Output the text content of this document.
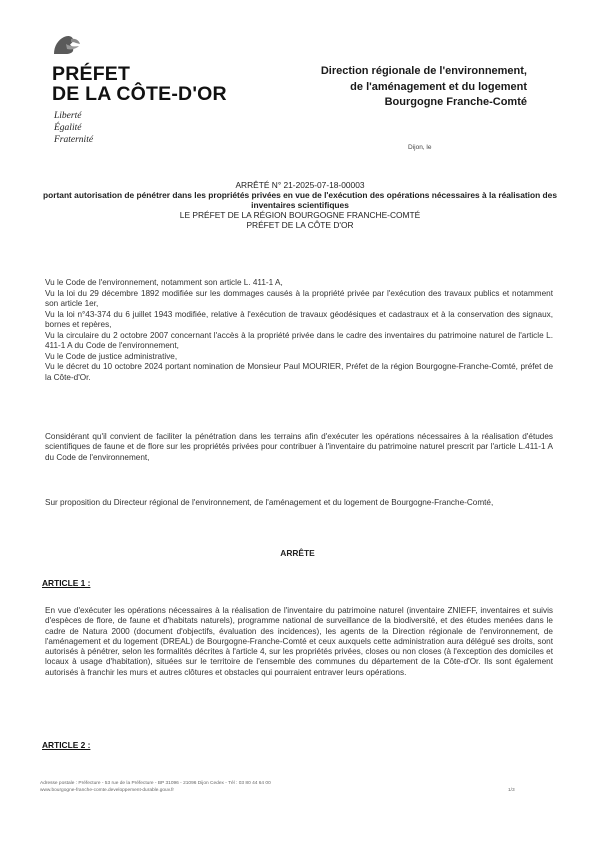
PRÉFET
DE LA CÔTE-D'OR
Liberté
Égalité
Fraternité
Direction régionale de l'environnement,
de l'aménagement et du logement
Bourgogne Franche-Comté
Dijon, le
ARRÊTÉ N° 21-2025-07-18-00003
portant autorisation de pénétrer dans les propriétés privées en vue de l'exécution des opérations nécessaires à la réalisation des inventaires scientifiques
LE PRÉFET DE LA RÉGION BOURGOGNE FRANCHE-COMTÉ
PRÉFET DE LA CÔTE D'OR

Vu le Code de l'environnement, notamment son article L. 411-1 A,

Vu la loi du 29 décembre 1892 modifiée sur les dommages causés à la propriété privée par l'exécution des travaux publics et notamment son article 1er,

Vu la loi n°43-374 du 6 juillet 1943 modifiée, relative à l'exécution de travaux géodésiques et cadastraux et à la conservation des signaux, bornes et repères,

Vu la circulaire du 2 octobre 2007 concernant l'accès à la propriété privée dans le cadre des inventaires du patrimoine naturel de l'article L. 411-1 A du Code de l'environnement,

Vu le Code de justice administrative,

Vu le décret du 10 octobre 2024 portant nomination de Monsieur Paul MOURIER, Préfet de la région Bourgogne-Franche-Comté, préfet de la Côte-d'Or.

Considérant qu'il convient de faciliter la pénétration dans les terrains afin d'exécuter les opérations nécessaires à la réalisation d'études scientifiques de faune et de flore sur les propriétés privées pour contribuer à l'inventaire du patrimoine naturel prescrit par l'article L.411-1 A du Code de l'environnement,

Sur proposition du Directeur régional de l'environnement, de l'aménagement et du logement de Bourgogne-Franche-Comté,

ARRÊTE
ARTICLE 1 :

En vue d'exécuter les opérations nécessaires à la réalisation de l'inventaire du patrimoine naturel (inventaire ZNIEFF, inventaires et suivis d'espèces de flore, de faune et d'habitats naturels), programme national de surveillance de la biodiversité, et des études menées dans le cadre de Natura 2000 (document d'objectifs, évaluation des incidences), les agents de la Direction régionale de l'environnement, de l'aménagement et du logement (DREAL) de Bourgogne-Franche-Comté et ceux auxquels cette administration aura délégué ses droits, sont autorisés à pénétrer, selon les formalités décrites à l'article 4, sur les propriétés privées, closes ou non closes (à l'exception des domiciles et locaux à usage d'habitation), situées sur le territoire de l'ensemble des communes du département de la Côte-d'Or. Ils sont également autorisés à franchir les murs et autres clôtures et obstacles qui pourraient entraver leurs opérations.

ARTICLE 2 :
Adresse postale : Préfecture - 53 rue de la Préfecture - BP 31096 - 21096 Dijon Cedex - Tél : 03 80 44 64 00
www.bourgogne-franche-comte.developpement-durable.gouv.fr	1/3
